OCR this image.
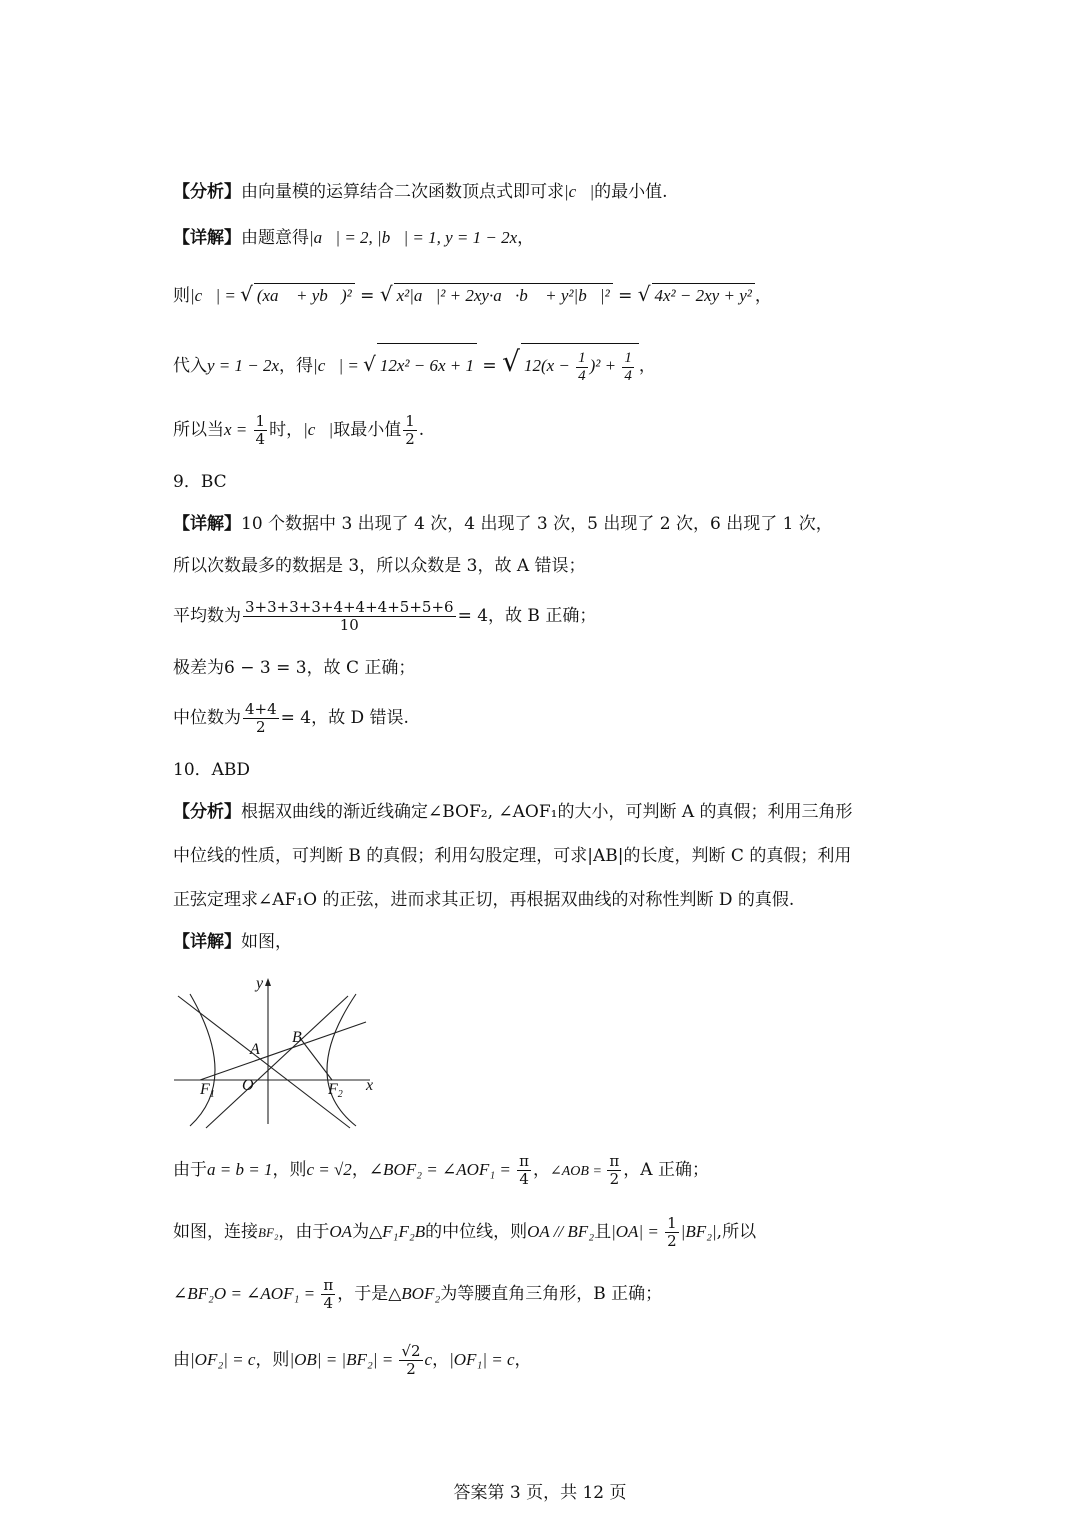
【分析】由向量模的运算结合二次函数顶点式即可求|c⃗|的最小值.
【详解】由题意得|a⃗| = 2, |b⃗| = 1, y = 1 − 2x，
则|c⃗| = √ (xa⃗ + yb⃗)² = √ x²|a⃗|² + 2xy·a⃗·b⃗ + y²|b⃗|² = √ 4x² − 2xy + y² ，
代入y = 1 − 2x，得|c⃗| = √ 12x² − 6x + 1 = √ $12(x - \frac{1}{4} )^2 + \frac{1}{4}$ ，
所以当$x = \frac{1}{4}$ 时，|c⃗|取最小值 $\frac{1}{2}$ .
9．BC
【详解】10 个数据中 3 出现了 4 次，4 出现了 3 次，5 出现了 2 次，6 出现了 1 次，
所以次数最多的数据是 3，所以众数是 3，故 A 错误；
平均数为 $\frac{3+3+3+3+4+4+4+5+5+6}{10} = 4$，故 B 正确；
极差为6 − 3 = 3，故 C 正确；
中位数为 $\frac{4+4}{2} = 4$，故 D 错误.
10．ABD
【分析】根据双曲线的渐近线确定∠BOF₂, ∠AOF₁的大小，可判断 A 的真假；利用三角形
中位线的性质，可判断 B 的真假；利用勾股定理，可求|AB|的长度，判断 C 的真假；利用
正弦定理求∠AF₁O 的正弦，进而求其正切，再根据双曲线的对称性判断 D 的真假.
【详解】如图，
y
x
A
B
O
F1	F2
由于a = b = 1，则c = √2，∠BOF₂ = ∠AOF₁ = $\frac{\pi}{4}$ ，∠AOB = $\frac{\pi}{2}$ ，A 正确；
如图，连接BF₂，由于OA为△F₁F₂B的中位线，则OA // BF₂且$|OA| = \frac{1}{2} |BF_2|$,所以
∠BF₂O = ∠AOF₁ = $\frac{\pi}{4}$ ，于是△BOF₂为等腰直角三角形，B 正确；
由|OF₂| = c，则$|OB| = |BF_2| = \frac{√2}{2}$ c，|OF₁| = c，
答案第 3 页，共 12 页
